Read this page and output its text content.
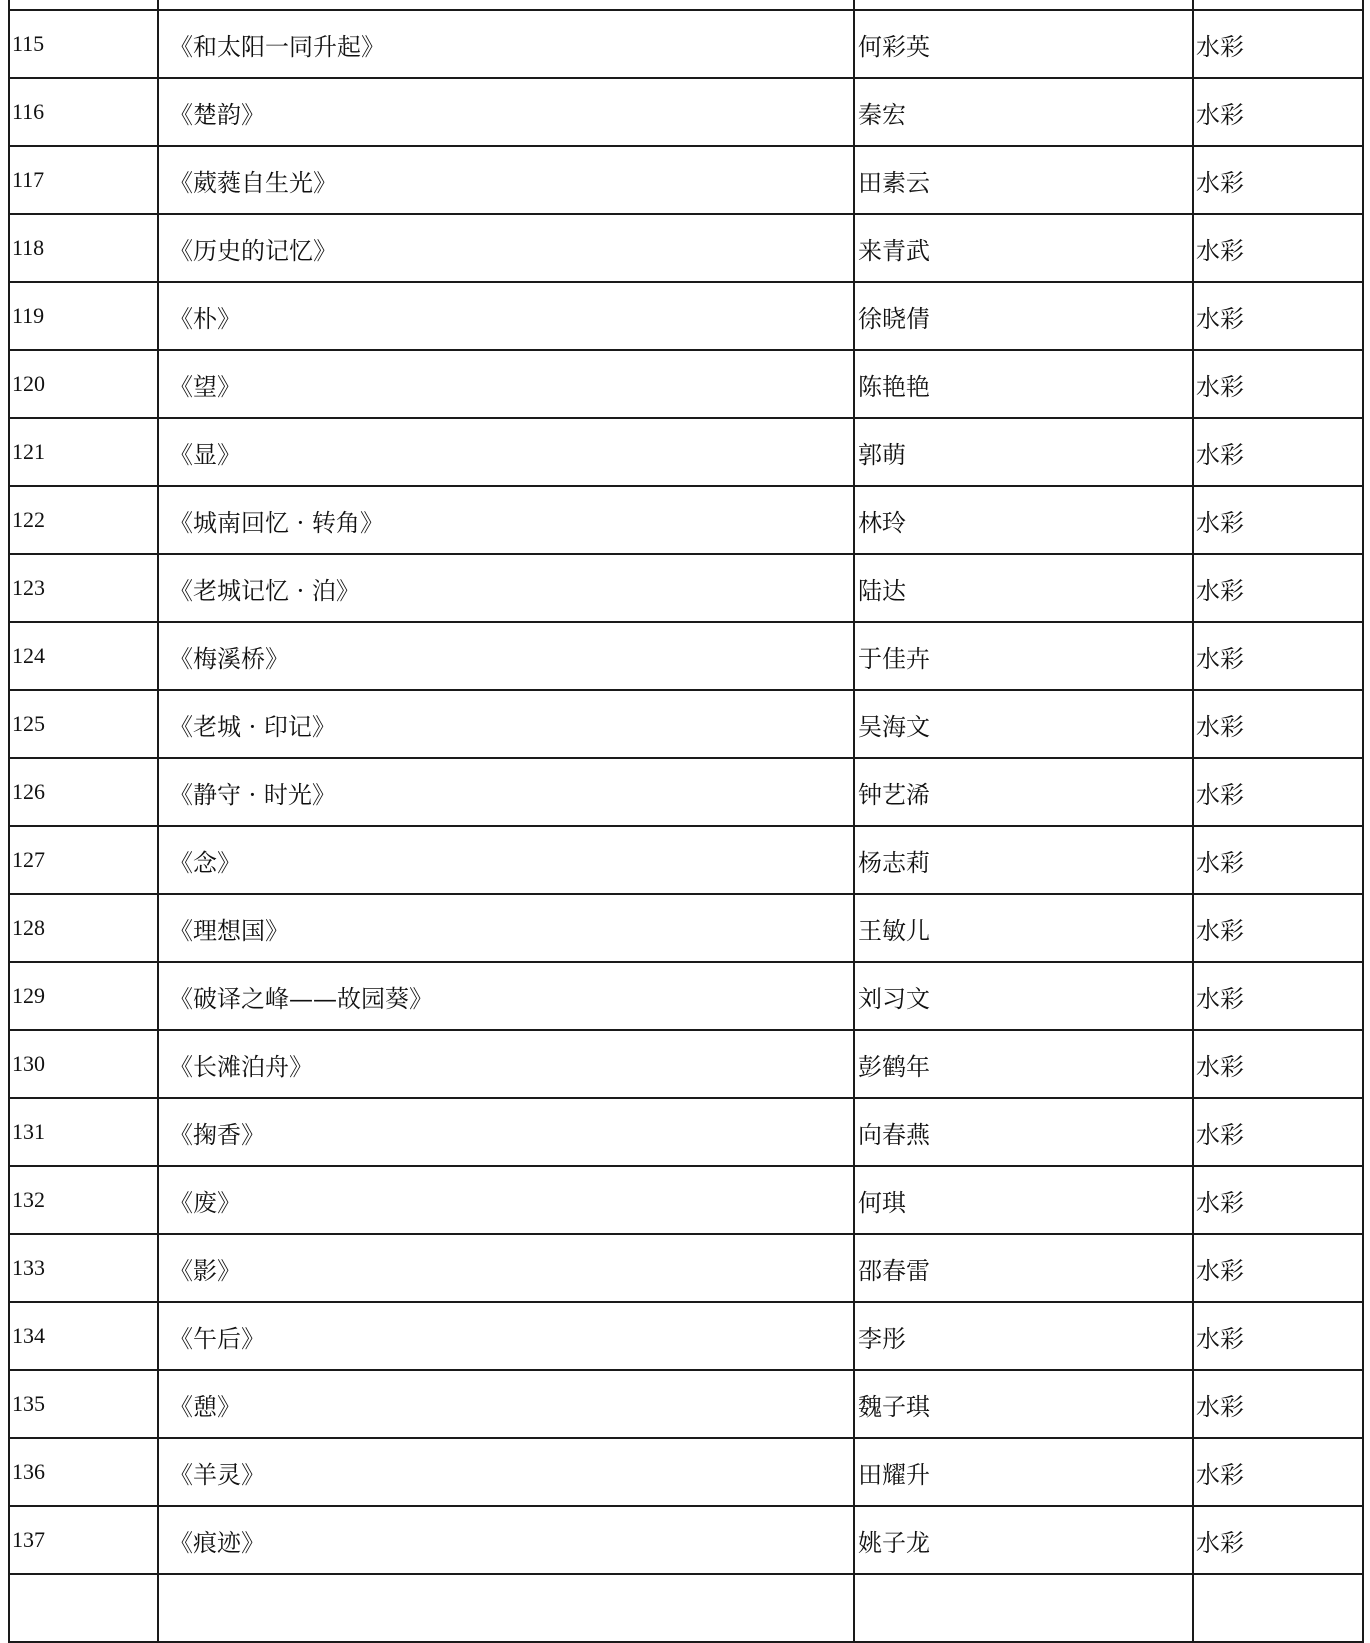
115	《和太阳一同升起》	何彩英	水彩
116	《楚韵》	秦宏	水彩
117	《葳蕤自生光》	田素云	水彩
118	《历史的记忆》	来青武	水彩
119	《朴》	徐晓倩	水彩
120	《望》	陈艳艳	水彩
121	《显》	郭萌	水彩
122	《城南回忆 · 转角》	林玲	水彩
123	《老城记忆 · 泊》	陆达	水彩
124	《梅溪桥》	于佳卉	水彩
125	《老城 · 印记》	吴海文	水彩
126	《静守 · 时光》	钟艺浠	水彩
127	《念》	杨志莉	水彩
128	《理想国》	王敏儿	水彩
129	《破译之峰——故园葵》	刘习文	水彩
130	《长滩泊舟》	彭鹤年	水彩
131	《掬香》	向春燕	水彩
132	《废》	何琪	水彩
133	《影》	邵春雷	水彩
134	《午后》	李彤	水彩
135	《憩》	魏子琪	水彩
136	《羊灵》	田耀升	水彩
137	《痕迹》	姚子龙	水彩
